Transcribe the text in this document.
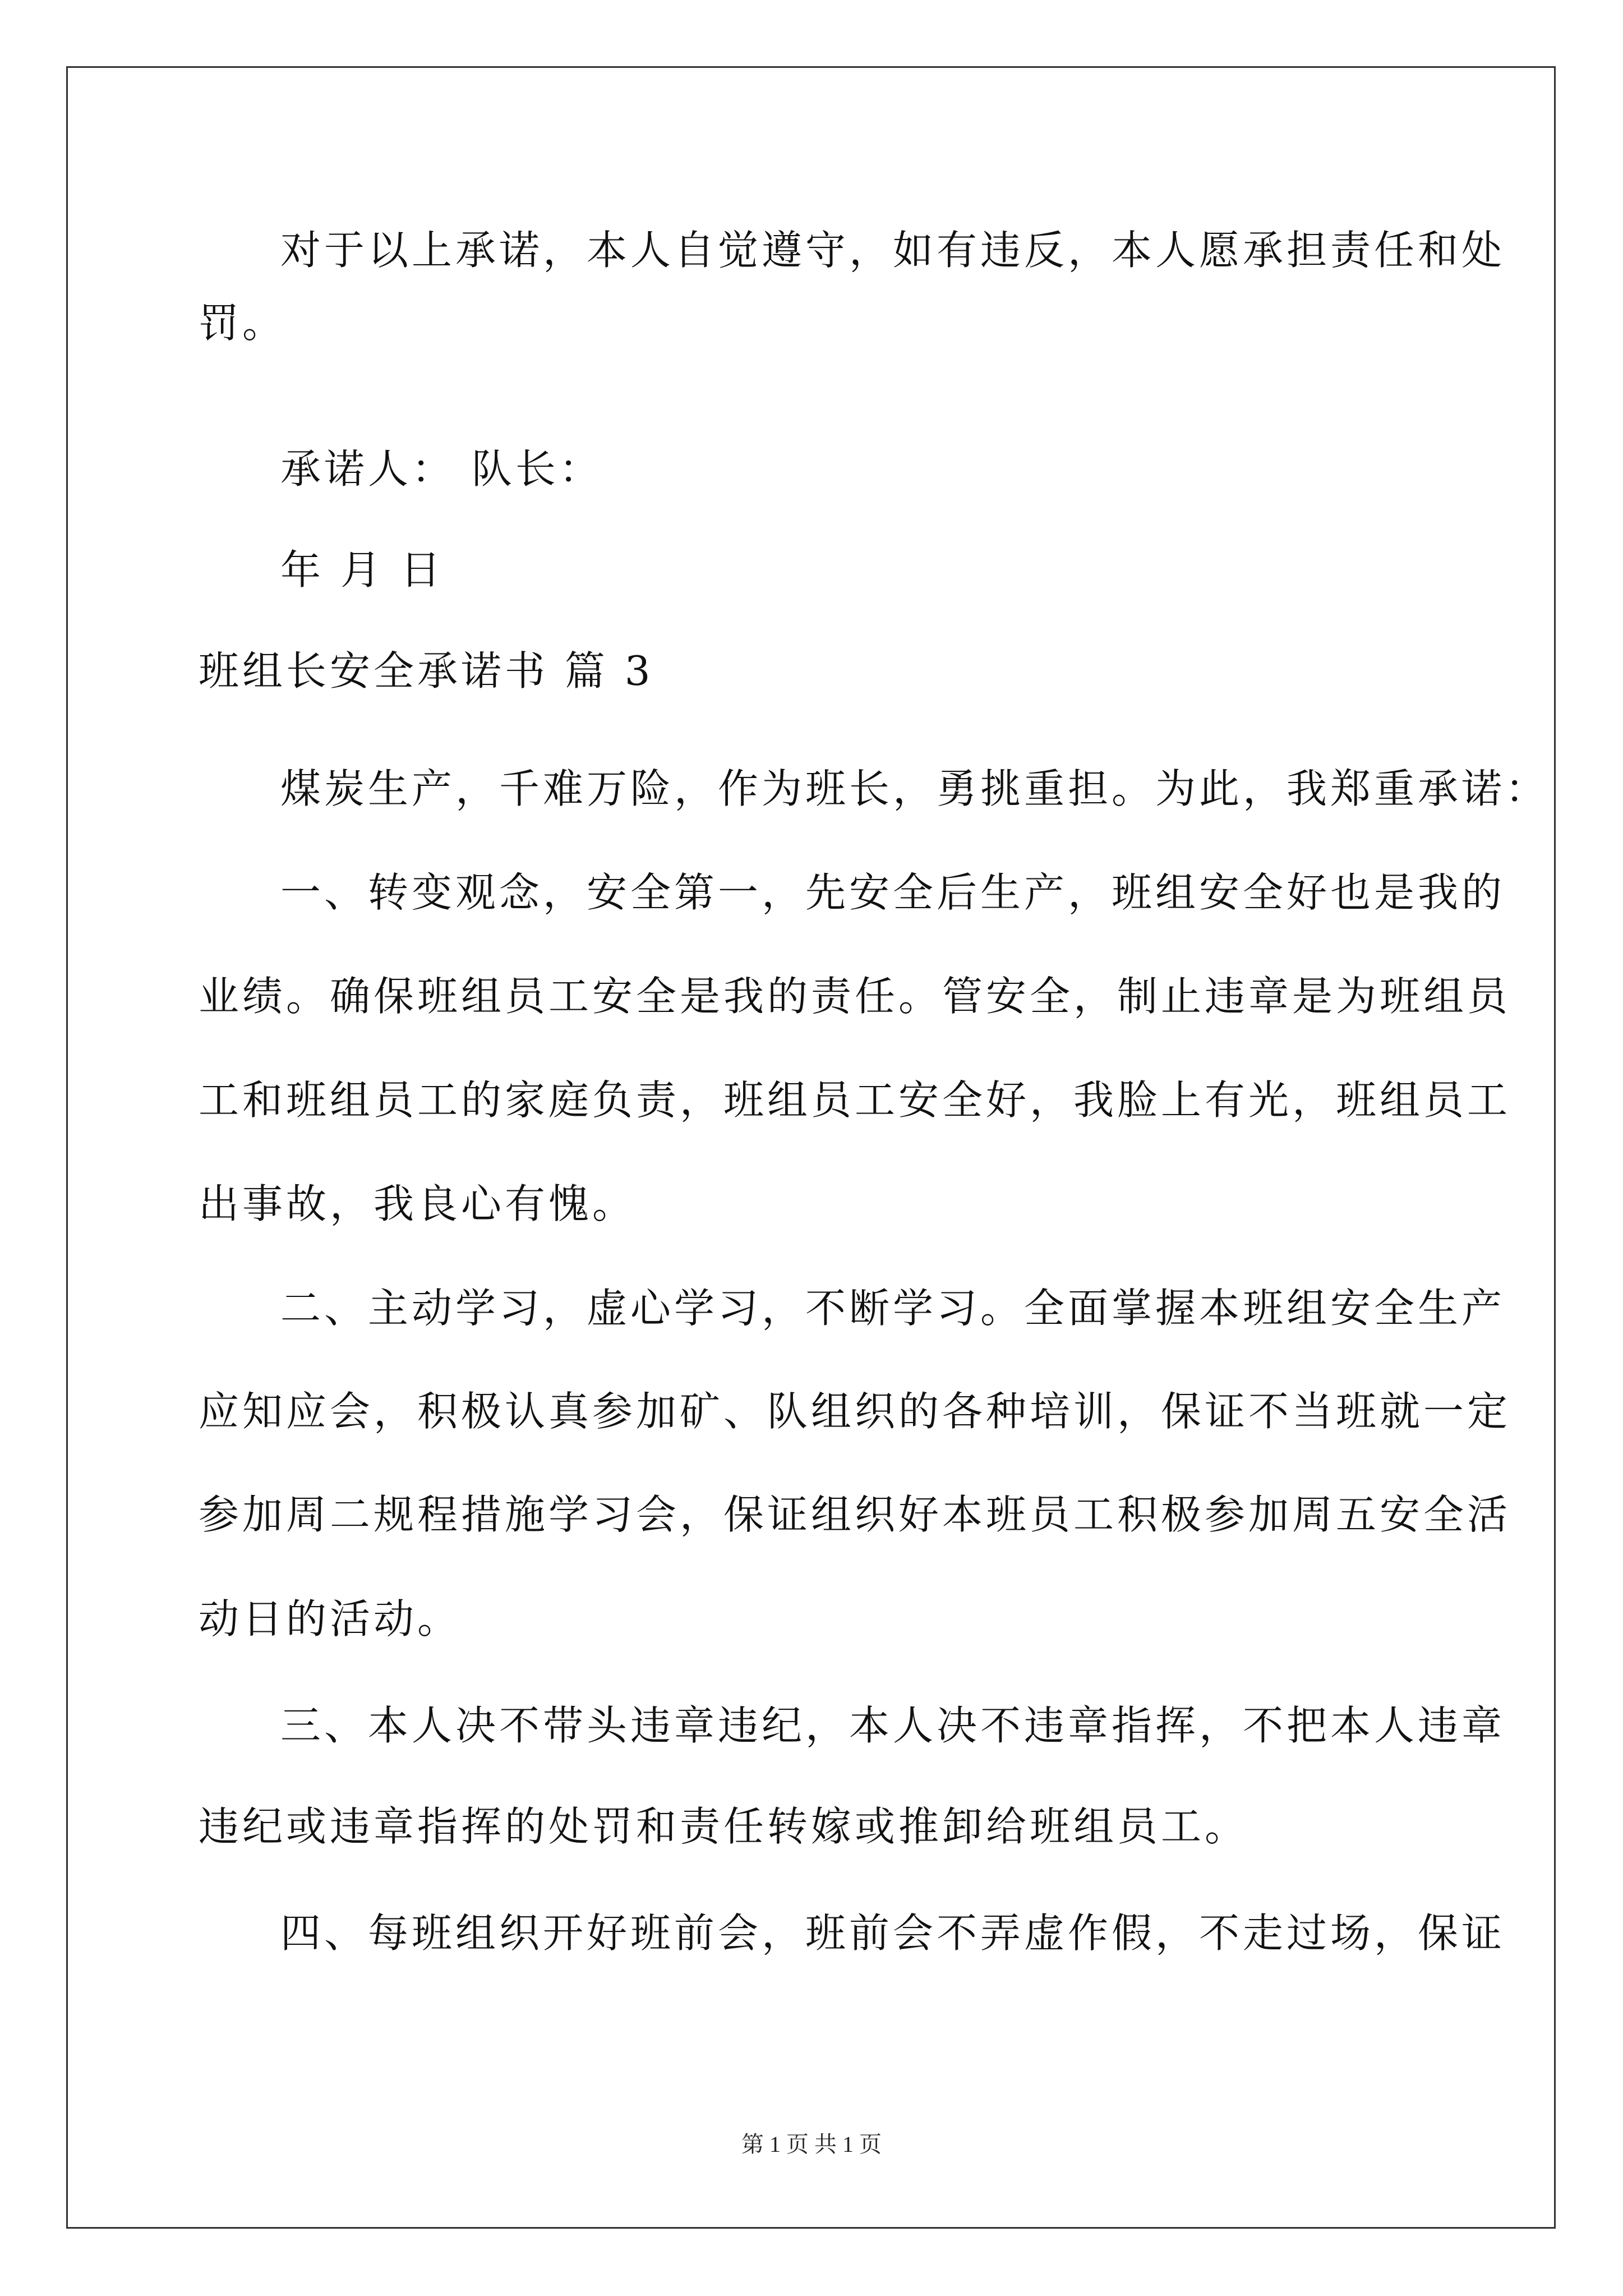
对于以上承诺，本人自觉遵守，如有违反，本人愿承担责任和处
罚。
承诺人： 队长：
年 月 日
班组长安全承诺书 篇 3
煤炭生产，千难万险，作为班长，勇挑重担。为此，我郑重承诺：
一、转变观念，安全第一，先安全后生产，班组安全好也是我的
业绩。确保班组员工安全是我的责任。管安全，制止违章是为班组员
工和班组员工的家庭负责，班组员工安全好，我脸上有光，班组员工
出事故，我良心有愧。
二、主动学习，虚心学习，不断学习。全面掌握本班组安全生产
应知应会，积极认真参加矿、队组织的各种培训，保证不当班就一定
参加周二规程措施学习会，保证组织好本班员工积极参加周五安全活
动日的活动。
三、本人决不带头违章违纪，本人决不违章指挥，不把本人违章
违纪或违章指挥的处罚和责任转嫁或推卸给班组员工。
四、每班组织开好班前会，班前会不弄虚作假，不走过场，保证
第 1 页 共 1 页
